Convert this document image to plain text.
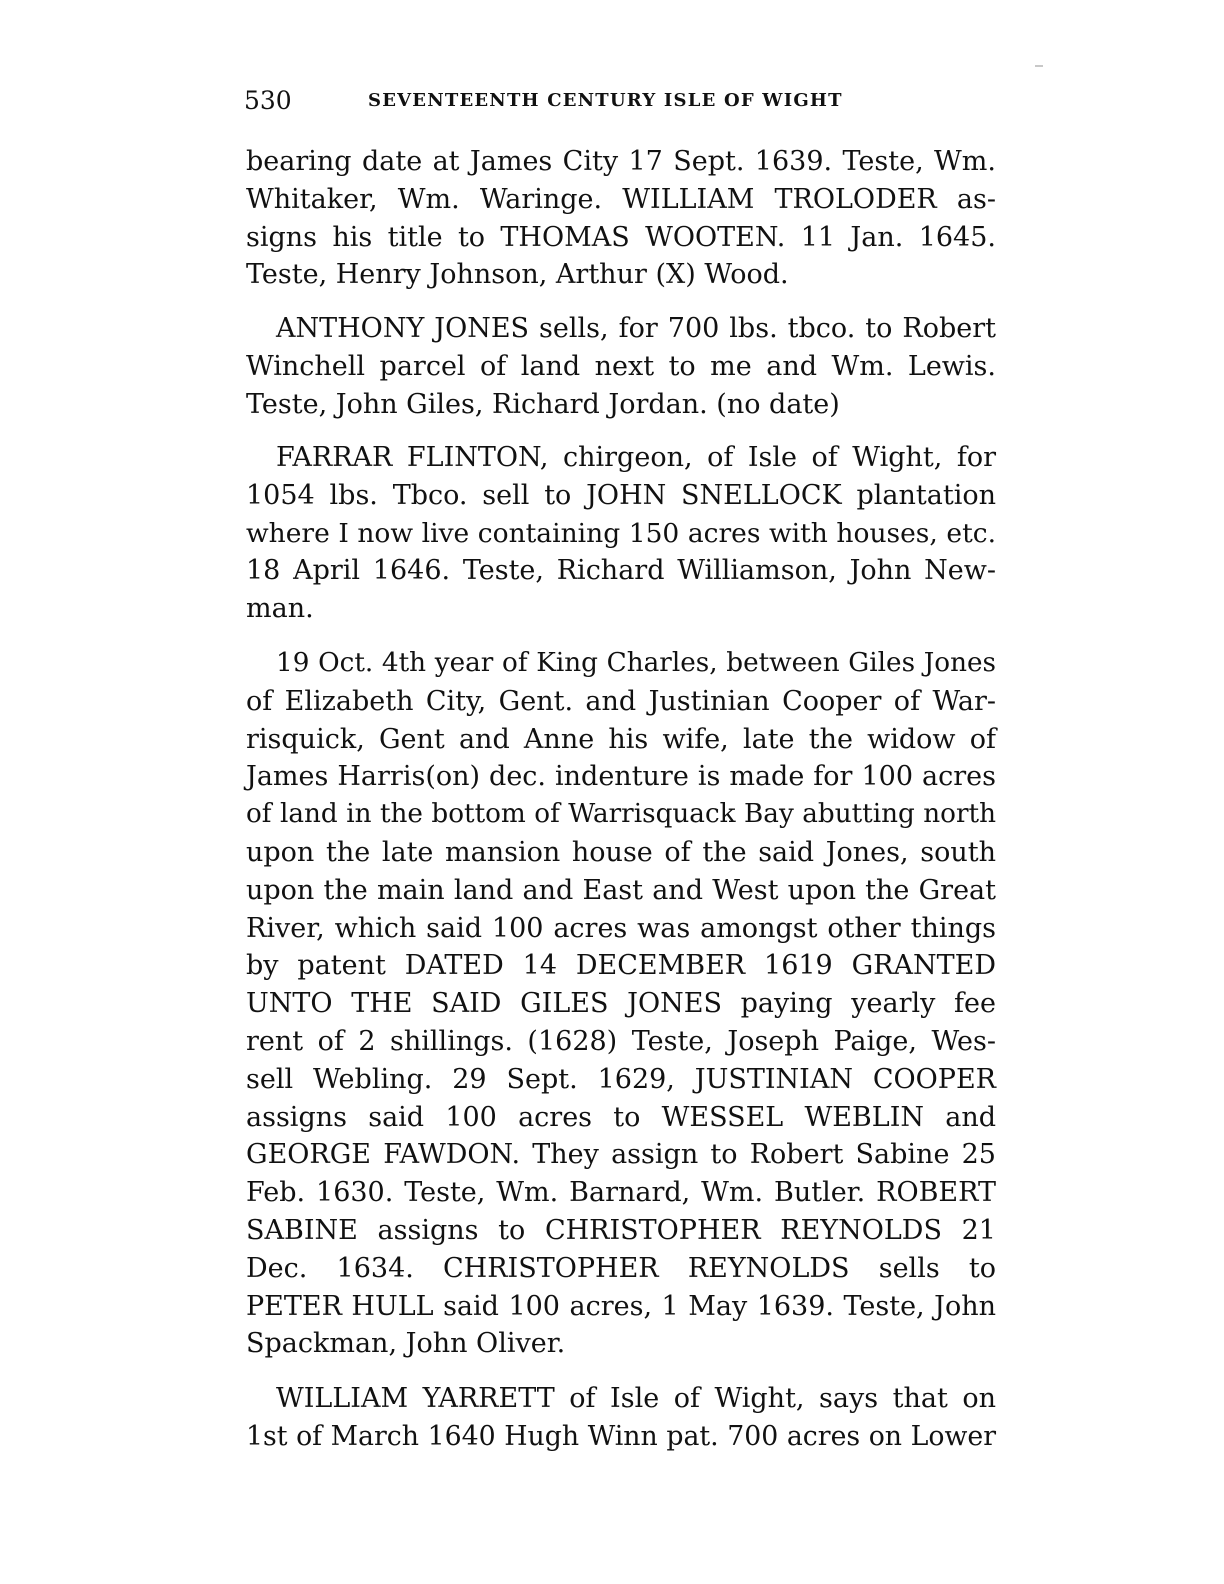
530	SEVENTEENTH CENTURY ISLE OF WIGHT

bearing date at James City 17 Sept. 1639. Teste, Wm.
Whitaker, Wm. Waringe. WILLIAM TROLODER as-
signs his title to THOMAS WOOTEN. 11 Jan. 1645.
Teste, Henry Johnson, Arthur (X) Wood.

ANTHONY JONES sells, for 700 lbs. tbco. to Robert
Winchell parcel of land next to me and Wm. Lewis.
Teste, John Giles, Richard Jordan. (no date)

FARRAR FLINTON, chirgeon, of Isle of Wight, for
1054 lbs. Tbco. sell to JOHN SNELLOCK plantation
where I now live containing 150 acres with houses, etc.
18 April 1646. Teste, Richard Williamson, John New-
man.

19 Oct. 4th year of King Charles, between Giles Jones
of Elizabeth City, Gent. and Justinian Cooper of War-
risquick, Gent and Anne his wife, late the widow of
James Harris(on) dec. indenture is made for 100 acres
of land in the bottom of Warrisquack Bay abutting north
upon the late mansion house of the said Jones, south
upon the main land and East and West upon the Great
River, which said 100 acres was amongst other things
by patent DATED 14 DECEMBER 1619 GRANTED
UNTO THE SAID GILES JONES paying yearly fee
rent of 2 shillings. (1628) Teste, Joseph Paige, Wes-
sell Webling. 29 Sept. 1629, JUSTINIAN COOPER
assigns said 100 acres to WESSEL WEBLIN and
GEORGE FAWDON. They assign to Robert Sabine 25
Feb. 1630. Teste, Wm. Barnard, Wm. Butler. ROBERT
SABINE assigns to CHRISTOPHER REYNOLDS 21
Dec. 1634. CHRISTOPHER REYNOLDS sells to
PETER HULL said 100 acres, 1 May 1639. Teste, John
Spackman, John Oliver.

WILLIAM YARRETT of Isle of Wight, says that on
1st of March 1640 Hugh Winn pat. 700 acres on Lower
